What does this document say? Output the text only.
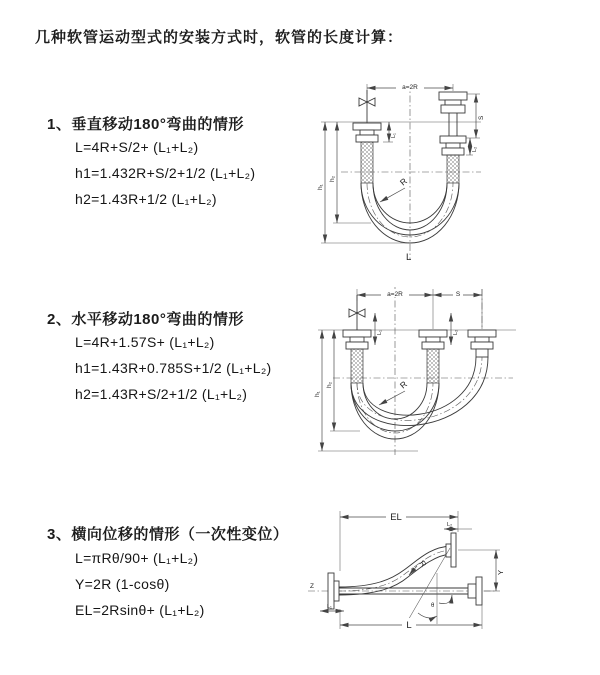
几种软管运动型式的安装方式时，软管的长度计算：
1、垂直移动180°弯曲的情形
L=4R+S/2+ (L₁+L₂)
h1=1.432R+S/2+1/2 (L₁+L₂)
h2=1.43R+1/2 (L₁+L₂)
2、水平移动180°弯曲的情形
L=4R+1.57S+ (L₁+L₂)
h1=1.43R+0.785S+1/2 (L₁+L₂)
h2=1.43R+S/2+1/2 (L₁+L₂)
3、横向位移的情形（一次性变位）
L=πRθ/90+ (L₁+L₂)
Y=2R (1-cosθ)
EL=2Rsinθ+ (L₁+L₂)
a=2R
S
L₂
L₁
h₁
h₂	R
L
a=2R	S
L₁	L₂
h₁
h₂	R
Z
EL
L₂
Y
θ
R
L₁
L
